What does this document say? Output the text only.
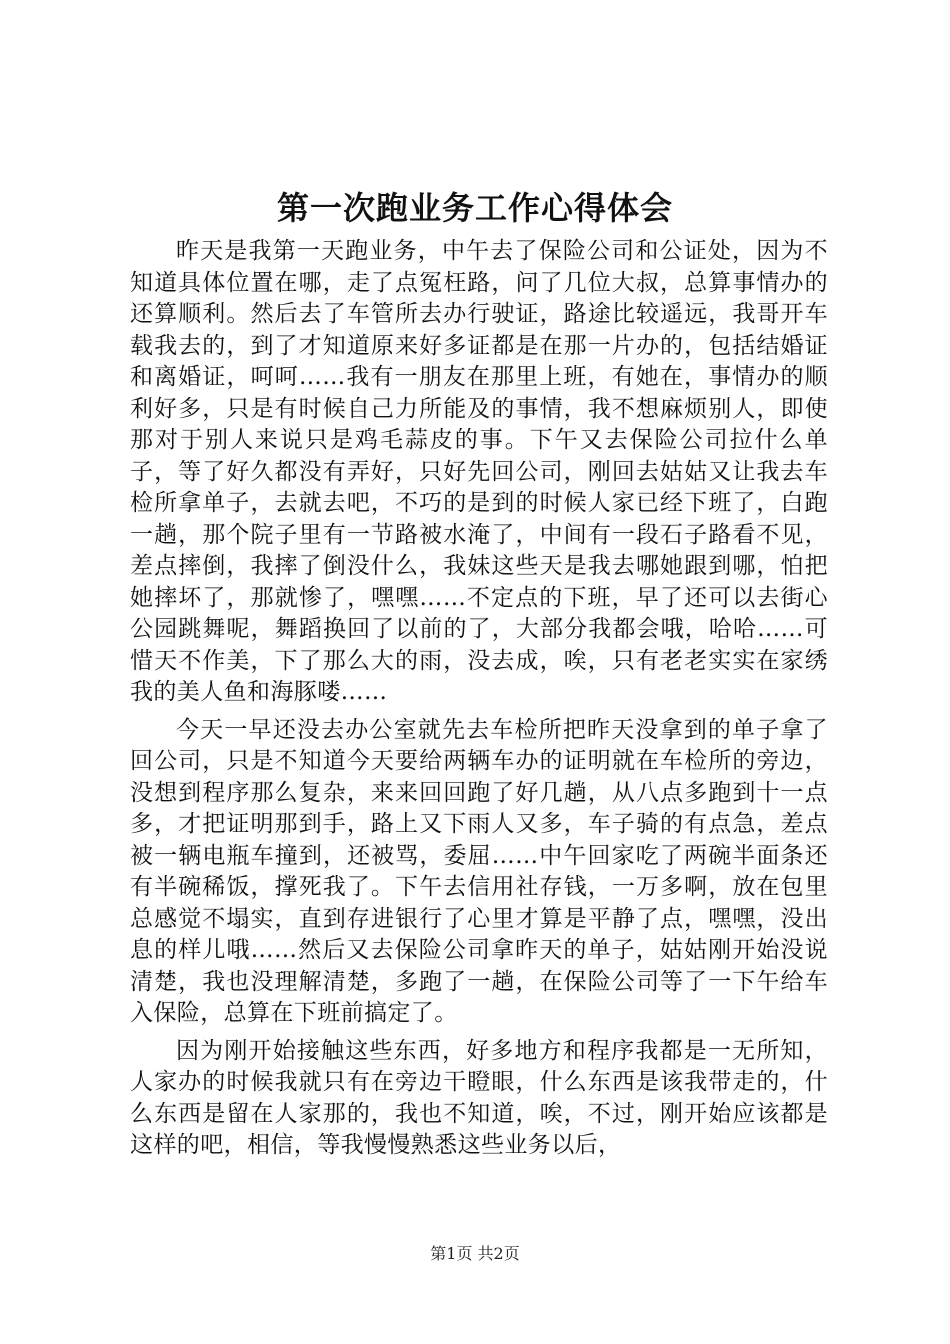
第一次跑业务工作心得体会

昨天是我第一天跑业务，中午去了保险公司和公证处，因为不知道具体位置在哪，走了点冤枉路，问了几位大叔，总算事情办的还算顺利。然后去了车管所去办行驶证，路途比较遥远，我哥开车载我去的，到了才知道原来好多证都是在那一片办的，包括结婚证和离婚证，呵呵……我有一朋友在那里上班，有她在，事情办的顺利好多，只是有时候自己力所能及的事情，我不想麻烦别人，即使那对于别人来说只是鸡毛蒜皮的事。下午又去保险公司拉什么单子，等了好久都没有弄好，只好先回公司，刚回去姑姑又让我去车检所拿单子，去就去吧，不巧的是到的时候人家已经下班了，白跑一趟，那个院子里有一节路被水淹了，中间有一段石子路看不见，差点摔倒，我摔了倒没什么，我妹这些天是我去哪她跟到哪，怕把她摔坏了，那就惨了，嘿嘿……不定点的下班，早了还可以去街心公园跳舞呢，舞蹈换回了以前的了，大部分我都会哦，哈哈……可惜天不作美，下了那么大的雨，没去成，唉，只有老老实实在家绣我的美人鱼和海豚喽……

今天一早还没去办公室就先去车检所把昨天没拿到的单子拿了回公司，只是不知道今天要给两辆车办的证明就在车检所的旁边，没想到程序那么复杂，来来回回跑了好几趟，从八点多跑到十一点多，才把证明那到手，路上又下雨人又多，车子骑的有点急，差点被一辆电瓶车撞到，还被骂，委屈……中午回家吃了两碗半面条还有半碗稀饭，撑死我了。下午去信用社存钱，一万多啊，放在包里总感觉不塌实，直到存进银行了心里才算是平静了点，嘿嘿，没出息的样儿哦……然后又去保险公司拿昨天的单子，姑姑刚开始没说清楚，我也没理解清楚，多跑了一趟，在保险公司等了一下午给车入保险，总算在下班前搞定了。

因为刚开始接触这些东西，好多地方和程序我都是一无所知，人家办的时候我就只有在旁边干瞪眼，什么东西是该我带走的，什么东西是留在人家那的，我也不知道，唉，不过，刚开始应该都是这样的吧，相信，等我慢慢熟悉这些业务以后，

第1页 共2页
